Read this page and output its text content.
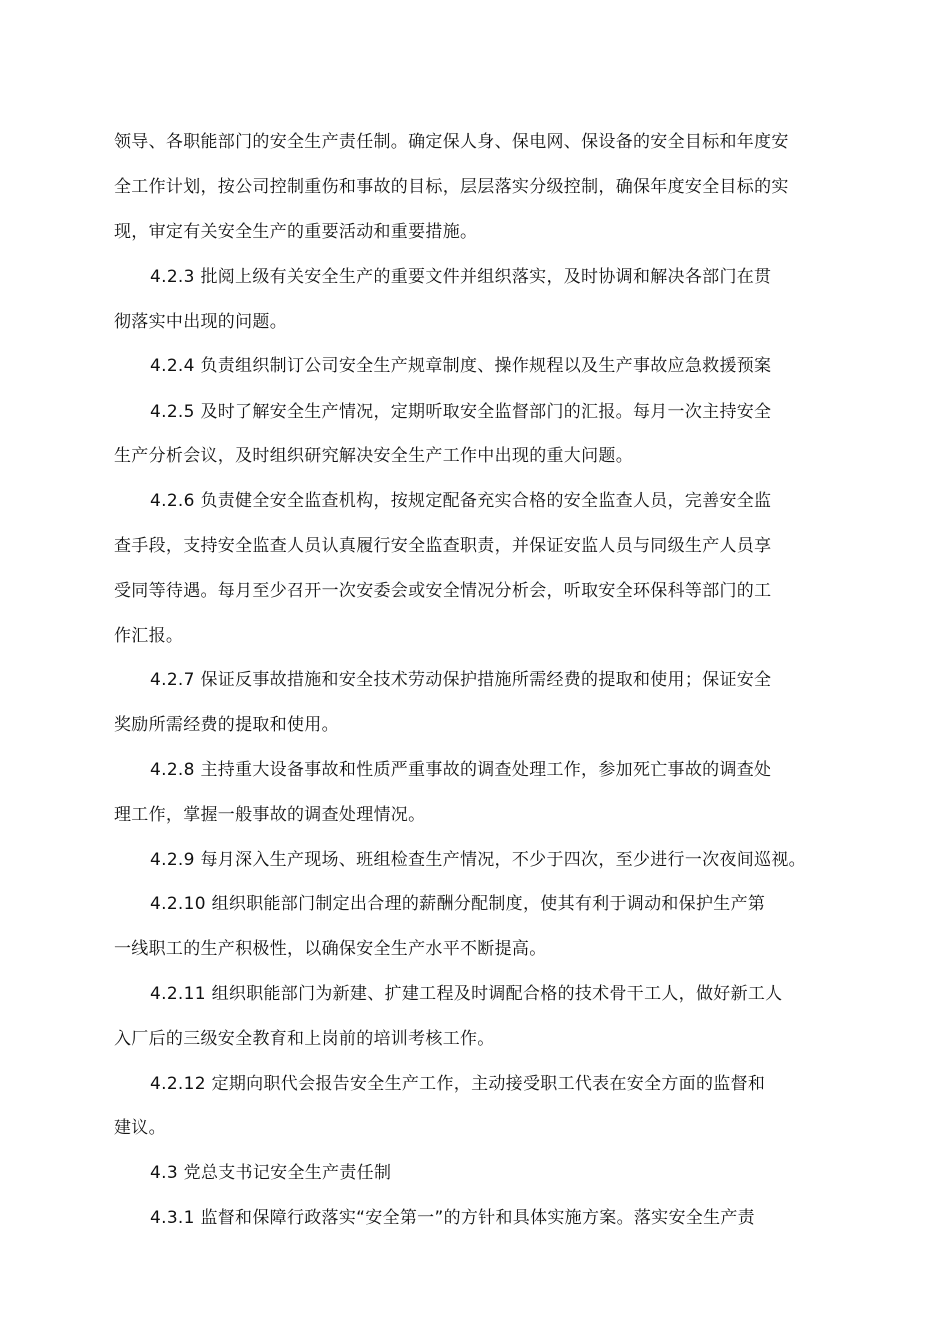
领导、各职能部门的安全生产责任制。确定保人身、保电网、保设备的安全目标和年度安
全工作计划，按公司控制重伤和事故的目标，层层落实分级控制，确保年度安全目标的实
现，审定有关安全生产的重要活动和重要措施。
4.2.3 批阅上级有关安全生产的重要文件并组织落实，及时协调和解决各部门在贯
彻落实中出现的问题。
4.2.4 负责组织制订公司安全生产规章制度、操作规程以及生产事故应急救援预案
4.2.5 及时了解安全生产情况，定期听取安全监督部门的汇报。每月一次主持安全
生产分析会议，及时组织研究解决安全生产工作中出现的重大问题。
4.2.6 负责健全安全监查机构，按规定配备充实合格的安全监查人员，完善安全监
查手段，支持安全监查人员认真履行安全监查职责，并保证安监人员与同级生产人员享
受同等待遇。每月至少召开一次安委会或安全情况分析会，听取安全环保科等部门的工
作汇报。
4.2.7 保证反事故措施和安全技术劳动保护措施所需经费的提取和使用；保证安全
奖励所需经费的提取和使用。
4.2.8 主持重大设备事故和性质严重事故的调查处理工作，参加死亡事故的调查处
理工作，掌握一般事故的调查处理情况。
4.2.9 每月深入生产现场、班组检查生产情况，不少于四次，至少进行一次夜间巡视。
4.2.10 组织职能部门制定出合理的薪酬分配制度，使其有利于调动和保护生产第
一线职工的生产积极性，以确保安全生产水平不断提高。
4.2.11 组织职能部门为新建、扩建工程及时调配合格的技术骨干工人，做好新工人
入厂后的三级安全教育和上岗前的培训考核工作。
4.2.12 定期向职代会报告安全生产工作，主动接受职工代表在安全方面的监督和
建议。
4.3 党总支书记安全生产责任制
4.3.1 监督和保障行政落实“安全第一”的方针和具体实施方案。落实安全生产责
